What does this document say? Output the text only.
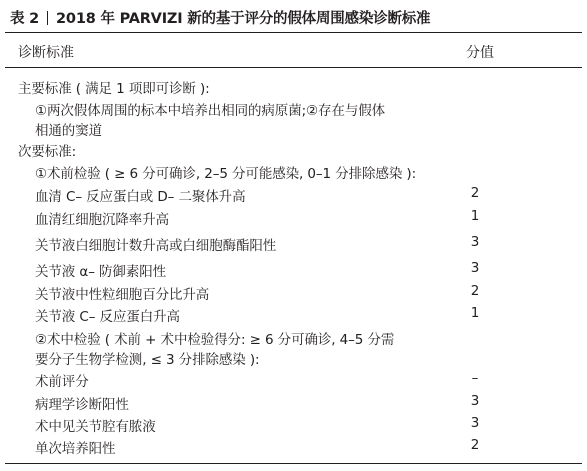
表 2 2018 年 PARVIZI 新的基于评分的假体周围感染诊断标准
诊断标准	分值
主要标准 ( 满足 1 项即可诊断 ):
①两次假体周围的标本中培养出相同的病原菌;②存在与假体
相通的窦道
次要标准:
①术前检验 ( ≥ 6 分可确诊, 2–5 分可能感染, 0–1 分排除感染 ):
血清 C– 反应蛋白或 D– 二聚体升高	2
血清红细胞沉降率升高	1
关节液白细胞计数升高或白细胞酶酯阳性	3
关节液 α– 防御素阳性	3
关节液中性粒细胞百分比升高	2
关节液 C– 反应蛋白升高	1
②术中检验 ( 术前 + 术中检验得分: ≥ 6 分可确诊, 4–5 分需
要分子生物学检测, ≤ 3 分排除感染 ):
术前评分	–
病理学诊断阳性	3
术中见关节腔有脓液	3
单次培养阳性	2
